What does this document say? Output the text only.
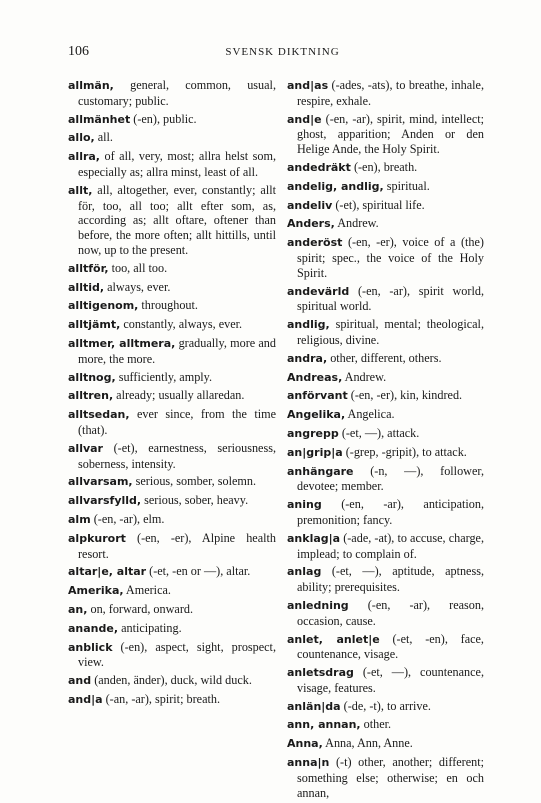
106	SVENSK DIKTNING

allmän, general, common, usual, customary; public.

allmänhet (-en), public.

allo, all.

allra, of all, very, most; allra helst som, especially as; allra minst, least of all.

allt, all, altogether, ever, constantly; allt för, too, all too; allt efter som, as, according as; allt oftare, oftener than before, the more often; allt hittills, until now, up to the present.

alltför, too, all too.

alltid, always, ever.

alltigenom, throughout.

alltjämt, constantly, always, ever.

alltmer, alltmera, gradually, more and more, the more.

alltnog, sufficiently, amply.

alltren, already; usually allaredan.

alltsedan, ever since, from the time (that).

allvar (-et), earnestness, seriousness, soberness, intensity.

allvarsam, serious, somber, solemn.

allvarsfylld, serious, sober, heavy.

alm (-en, -ar), elm.

alpkurort (-en, -er), Alpine health resort.

altar|e, altar (-et, -en or —), altar.

Amerika, America.

an, on, forward, onward.

anande, anticipating.

anblick (-en), aspect, sight, prospect, view.

and (anden, änder), duck, wild duck.

and|a (-an, -ar), spirit; breath.

and|as (-ades, -ats), to breathe, inhale, respire, exhale.

and|e (-en, -ar), spirit, mind, intellect; ghost, apparition; Anden or den Helige Ande, the Holy Spirit.

andedräkt (-en), breath.

andelig, andlig, spiritual.

andeliv (-et), spiritual life.

Anders, Andrew.

anderöst (-en, -er), voice of a (the) spirit; spec., the voice of the Holy Spirit.

andevärld (-en, -ar), spirit world, spiritual world.

andlig, spiritual, mental; theological, religious, divine.

andra, other, different, others.

Andreas, Andrew.

anförvant (-en, -er), kin, kindred.

Angelika, Angelica.

angrepp (-et, —), attack.

an|grip|a (-grep, -gripit), to attack.

anhängare (-n, —), follower, devotee; member.

aning (-en, -ar), anticipation, premonition; fancy.

anklag|a (-ade, -at), to accuse, charge, implead; to complain of.

anlag (-et, —), aptitude, aptness, ability; prerequisites.

anledning (-en, -ar), reason, occasion, cause.

anlet, anlet|e (-et, -en), face, countenance, visage.

anletsdrag (-et, —), countenance, visage, features.

anlän|da (-de, -t), to arrive.

ann, annan, other.

Anna, Anna, Ann, Anne.

anna|n (-t) other, another; different; something else; otherwise; en och annan,
